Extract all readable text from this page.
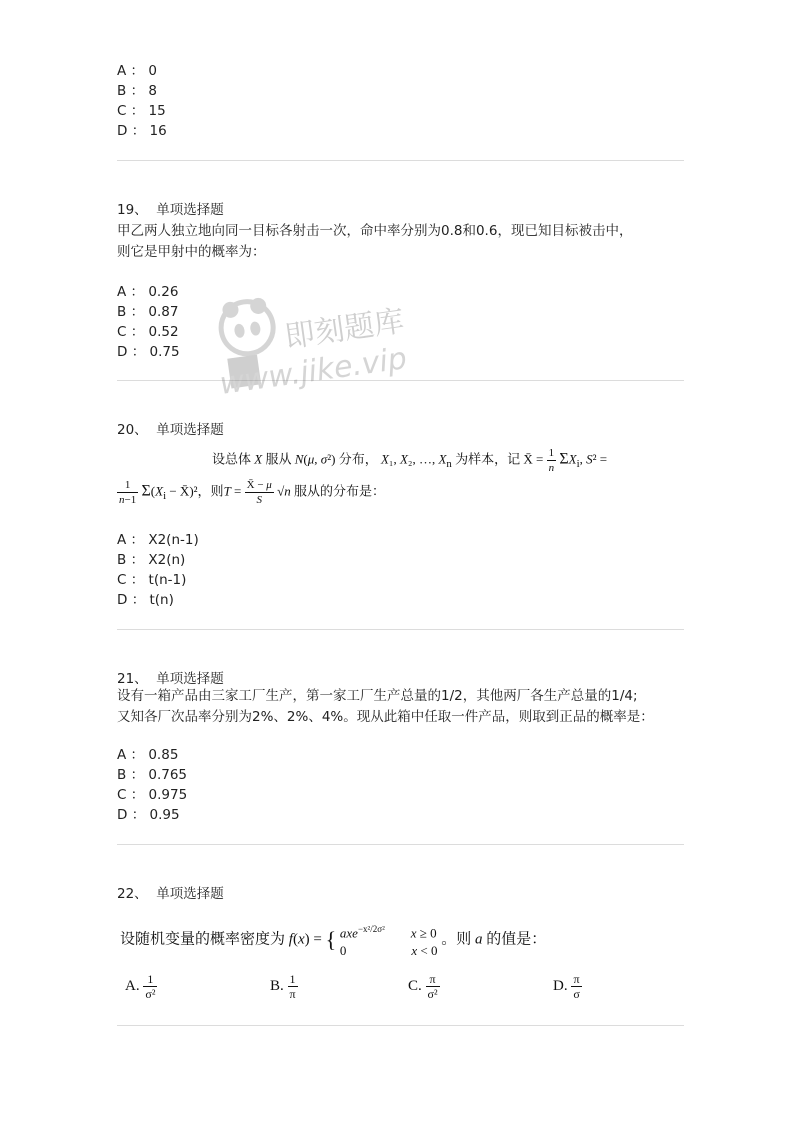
A ： 0
B ： 8
C ： 15
D ： 16
19、 单项选择题
甲乙两人独立地向同一目标各射击一次，命中率分别为0.8和0.6，现已知目标被击中，
则它是甲射中的概率为：
A ： 0.26
B ： 0.87
C ： 0.52
D ： 0.75	即刻题库
www.jike.vip
20、 单项选择题
设总体 X 服从 N(μ, σ²) 分布， X₁, X₂, …, $X_n$ 为样本，记 X̄ = $\frac{1}{n} \Sigma X_i$, S² =
$\frac{1}{n-1} \Sigma(X_i$ − X̄)²，则$T = \frac{X̄ - \mu}{S} √n$ 服从的分布是：
A ： X2(n-1)
B ： X2(n)
C ： t(n-1)
D ： t(n)
21、 单项选择题
设有一箱产品由三家工厂生产，第一家工厂生产总量的1/2，其他两厂各生产总量的1/4;
又知各厂次品率分别为2%、2%、4%。现从此箱中任取一件产品，则取到正品的概率是：
A ： 0.85
B ： 0.765
C ： 0.975
D ： 0.95
22、 单项选择题
设随机变量的概率密度为 f(x) = { axe$^{-x^2/2\sigma^2}$ x ≥ 0
0                    x < 0
。则 a 的值是：
A. $\frac{1}{\text{σ²}}$	B. $\frac{1}{\pi}$	C. $\frac{\pi}{\text{σ²}}$	D. $\frac{\pi}{\sigma}$
